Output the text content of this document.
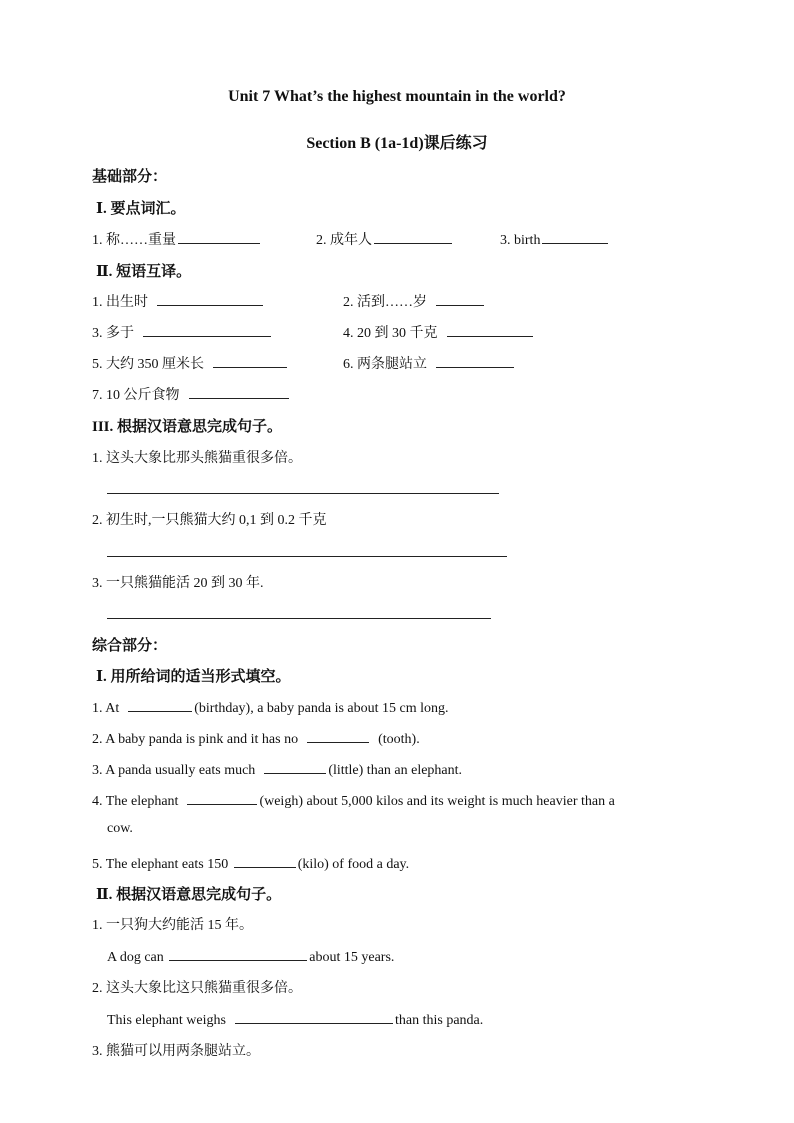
Unit 7 What’s the highest mountain in the world?
Section B (1a-1d)课后练习
基础部分：
Ⅰ. 要点词汇。
1. 称……重量	2. 成年人	3. birth
Ⅱ. 短语互译。
1. 出生时	2. 活到……岁
3. 多于	4. 20 到 30 千克
5. 大约 350 厘米长	6. 两条腿站立
7. 10 公斤食物
III. 根据汉语意思完成句子。
1. 这头大象比那头熊猫重很多倍。
2. 初生时,一只熊猫大约 0,1 到 0.2 千克
3. 一只熊猫能活 20 到 30 年.
综合部分：
Ⅰ. 用所给词的适当形式填空。
1. At	(birthday), a baby panda is about 15 cm long.
2. A baby panda is pink and it has no	(tooth).
3. A panda usually eats much	(little) than an elephant.
4. The elephant	(weigh) about 5,000 kilos and its weight is much heavier than a
cow.
5. The elephant eats 150	(kilo) of food a day.
Ⅱ. 根据汉语意思完成句子。
1. 一只狗大约能活 15 年。
A dog can	about 15 years.
2. 这头大象比这只熊猫重很多倍。
This elephant weighs	than this panda.
3. 熊猫可以用两条腿站立。
